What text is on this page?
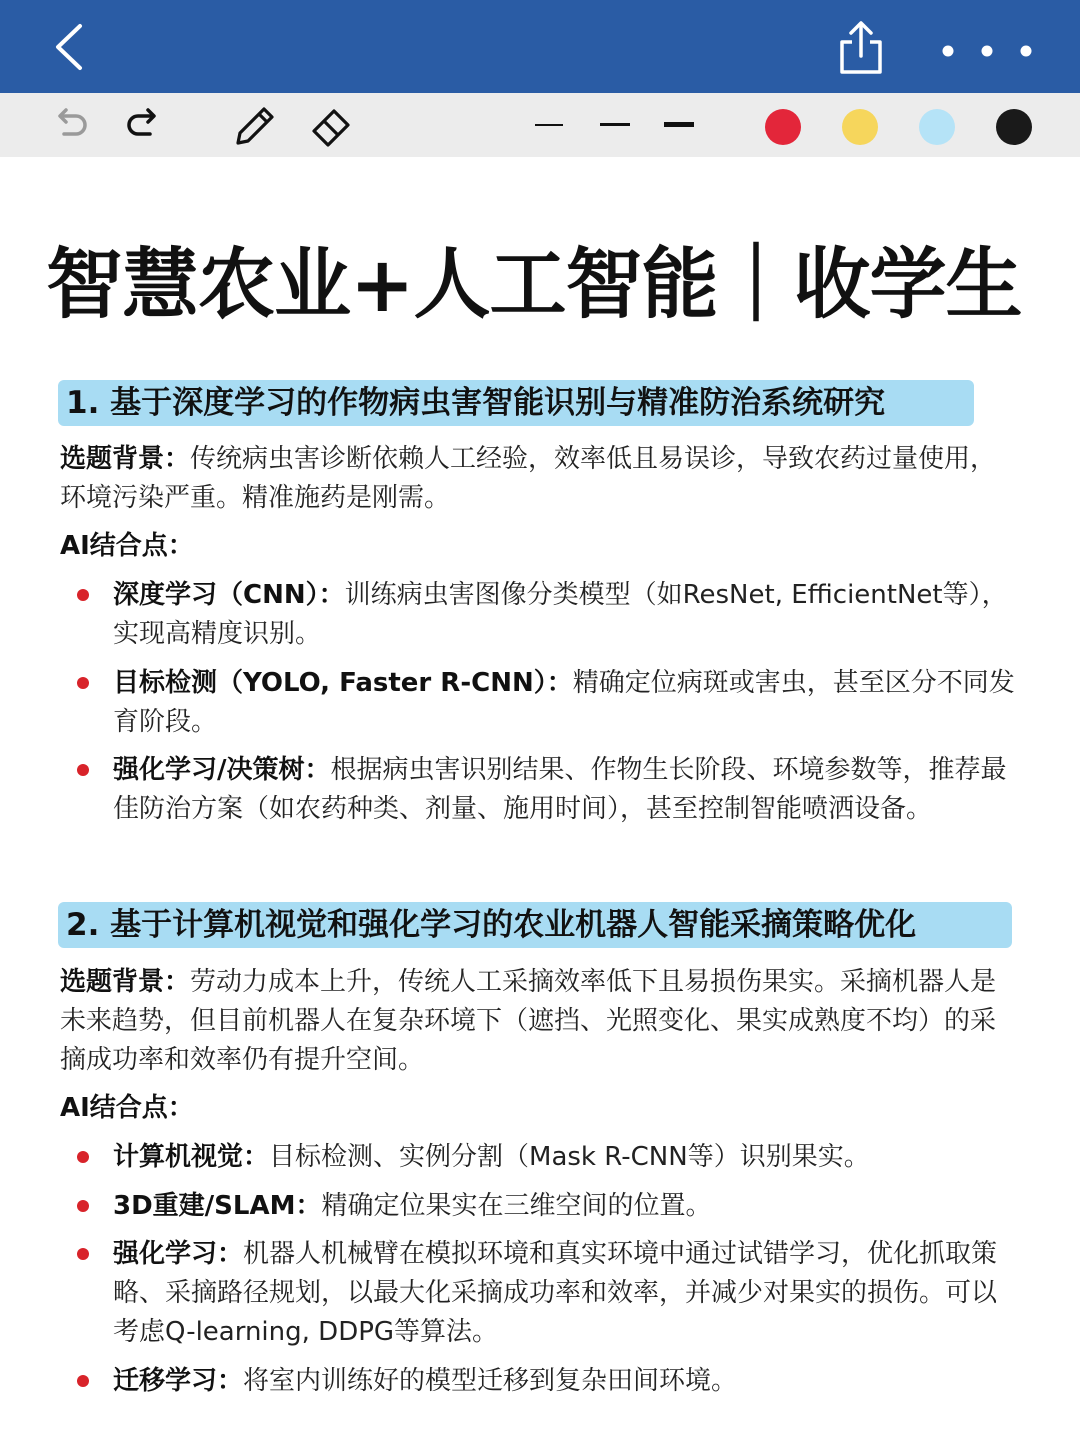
智慧农业+人工智能｜收学生
1. 基于深度学习的作物病虫害智能识别与精准防治系统研究
选题背景：传统病虫害诊断依赖人工经验，效率低且易误诊，导致农药过量使用，环境污染严重。精准施药是刚需。
AI结合点：
深度学习（CNN）：训练病虫害图像分类模型（如ResNet, EfficientNet等），实现高精度识别。
目标检测（YOLO, Faster R-CNN）：精确定位病斑或害虫，甚至区分不同发育阶段。
强化学习/决策树：根据病虫害识别结果、作物生长阶段、环境参数等，推荐最佳防治方案（如农药种类、剂量、施用时间），甚至控制智能喷洒设备。
2. 基于计算机视觉和强化学习的农业机器人智能采摘策略优化
选题背景：劳动力成本上升，传统人工采摘效率低下且易损伤果实。采摘机器人是未来趋势，但目前机器人在复杂环境下（遮挡、光照变化、果实成熟度不均）的采摘成功率和效率仍有提升空间。
AI结合点：
计算机视觉：目标检测、实例分割（Mask R-CNN等）识别果实。
3D重建/SLAM：精确定位果实在三维空间的位置。
强化学习：机器人机械臂在模拟环境和真实环境中通过试错学习，优化抓取策略、采摘路径规划，以最大化采摘成功率和效率，并减少对果实的损伤。可以考虑Q-learning, DDPG等算法。
迁移学习：将室内训练好的模型迁移到复杂田间环境。
